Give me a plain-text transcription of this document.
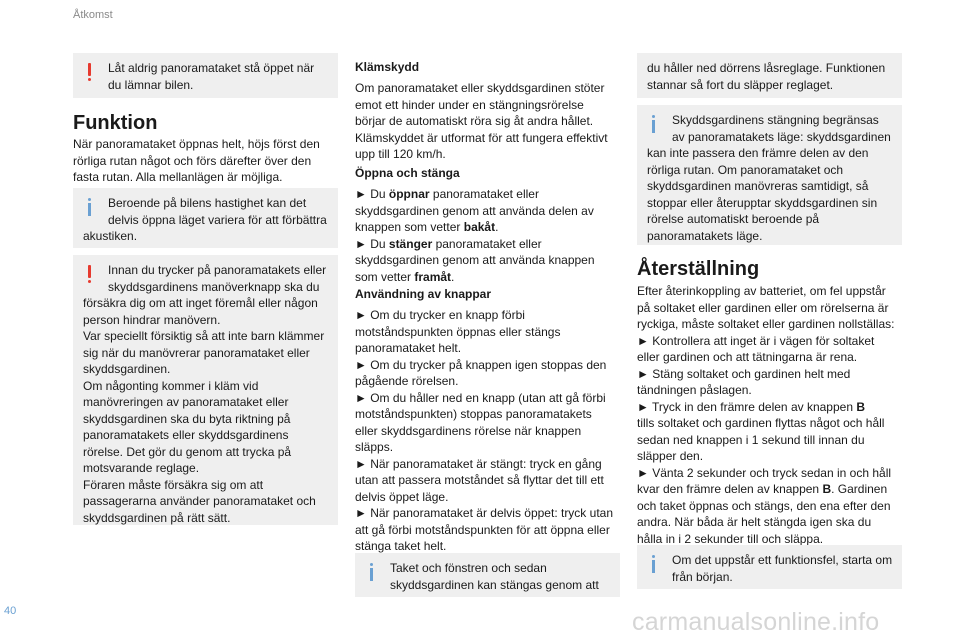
Åtkomst
Låt aldrig panoramataket stå öppet när
du lämnar bilen.
Funktion
När panoramataket öppnas helt, höjs först den
rörliga rutan något och förs därefter över den
fasta rutan. Alla mellanlägen är möjliga.
Beroende på bilens hastighet kan det
delvis öppna läget variera för att förbättra
akustiken.
Innan du trycker på panoramatakets eller
skyddsgardinens manöverknapp ska du
försäkra dig om att inget föremål eller någon
person hindrar manövern.
Var speciellt försiktig så att inte barn klämmer
sig när du manövrerar panoramataket eller
skyddsgardinen.
Om någonting kommer i kläm vid
manövreringen av panoramataket eller
skyddsgardinen ska du byta riktning på
panoramatakets eller skyddsgardinens
rörelse. Det gör du genom att trycka på
motsvarande reglage.
Föraren måste försäkra sig om att
passagerarna använder panoramataket och
skyddsgardinen på rätt sätt.
Klämskydd
Om panoramataket eller skyddsgardinen stöter
emot ett hinder under en stängningsrörelse
börjar de automatiskt röra sig åt andra hållet.
Klämskyddet är utformat för att fungera effektivt
upp till 120 km/h.
Öppna och stänga
► Du öppnar panoramataket eller
skyddsgardinen genom att använda delen av
knappen som vetter bakåt.
► Du stänger panoramataket eller
skyddsgardinen genom att använda knappen
som vetter framåt.
Användning av knappar
► Om du trycker en knapp förbi
motståndspunkten öppnas eller stängs
panoramataket helt.
► Om du trycker på knappen igen stoppas den
pågående rörelsen.
► Om du håller ned en knapp (utan att gå förbi
motståndspunkten) stoppas panoramatakets
eller skyddsgardinens rörelse när knappen
släpps.
► När panoramataket är stängt: tryck en gång
utan att passera motståndet så flyttar det till ett
delvis öppet läge.
► När panoramataket är delvis öppet: tryck utan
att gå förbi motståndspunkten för att öppna eller
stänga taket helt.
Taket och fönstren och sedan
skyddsgardinen kan stängas genom att
du håller ned dörrens låsreglage. Funktionen
stannar så fort du släpper reglaget.
Skyddsgardinens stängning begränsas
av panoramatakets läge: skyddsgardinen
kan inte passera den främre delen av den
rörliga rutan. Om panoramataket och
skyddsgardinen manövreras samtidigt, så
stoppar eller återupptar skyddsgardinen sin
rörelse automatiskt beroende på
panoramatakets läge.
Återställning
Efter återinkoppling av batteriet, om fel uppstår
på soltaket eller gardinen eller om rörelserna är
ryckiga, måste soltaket eller gardinen nollställas:
► Kontrollera att inget är i vägen för soltaket
eller gardinen och att tätningarna är rena.
► Stäng soltaket och gardinen helt med
tändningen påslagen.
► Tryck in den främre delen av knappen B
tills soltaket och gardinen flyttas något och håll
sedan ned knappen i 1 sekund till innan du
släpper den.
► Vänta 2 sekunder och tryck sedan in och håll
kvar den främre delen av knappen B. Gardinen
och taket öppnas och stängs, den ena efter den
andra. När båda är helt stängda igen ska du
hålla in i 2 sekunder till och släppa.
Om det uppstår ett funktionsfel, starta om
från början.
40	carmanualsonline.info
